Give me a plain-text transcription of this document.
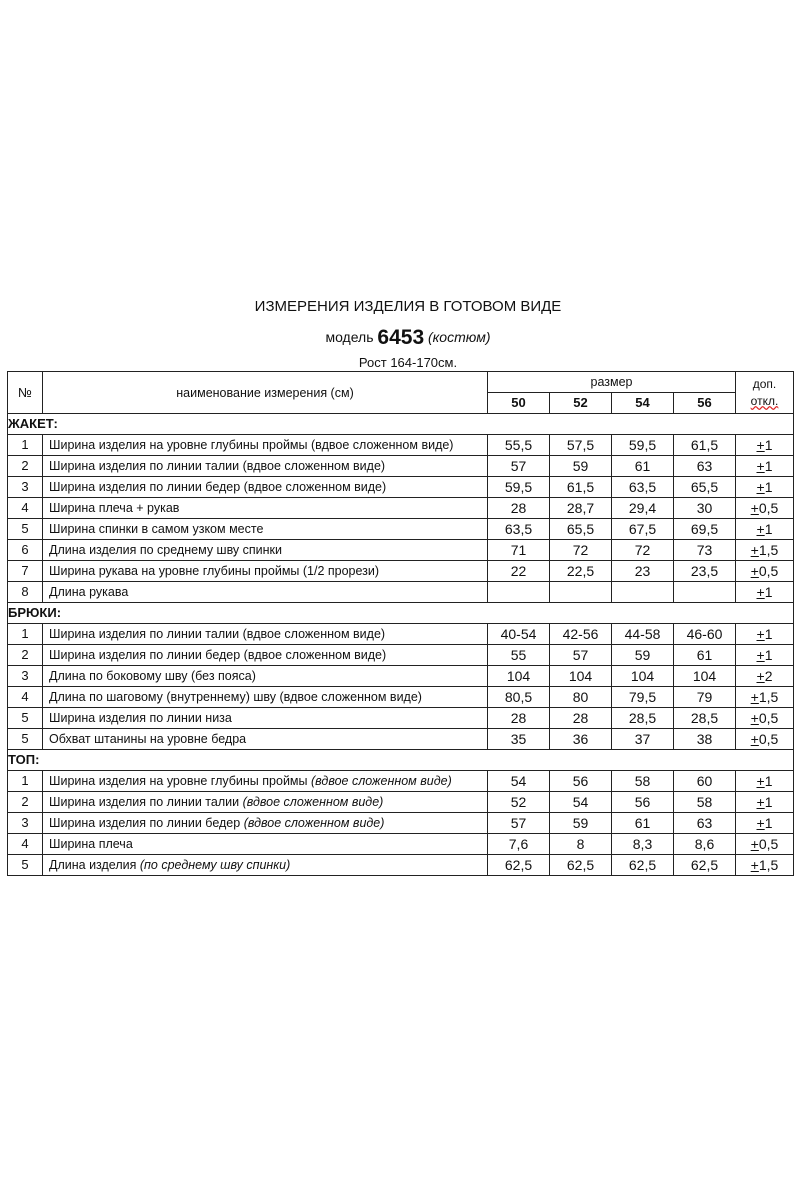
ИЗМЕРЕНИЯ ИЗДЕЛИЯ В ГОТОВОМ ВИДЕ
модель 6453 (костюм)
Рост 164-170см.
№	наименование измерения (см)	размер				доп.
откл.

		50	52	54	56	
ЖАКЕТ:						
1	Ширина изделия на уровне глубины проймы (вдвое сложенном виде)	55,5	57,5	59,5	61,5	+1
2	Ширина изделия по линии талии (вдвое сложенном виде)	57	59	61	63	+1
3	Ширина изделия по линии бедер (вдвое сложенном виде)	59,5	61,5	63,5	65,5	+1
4	Ширина плеча + рукав	28	28,7	29,4	30	+0,5
5	Ширина спинки в самом узком месте	63,5	65,5	67,5	69,5	+1
6	Длина изделия по среднему шву спинки	71	72	72	73	+1,5
7	Ширина рукава на уровне глубины проймы (1/2 прорези)	22	22,5	23	23,5	+0,5
8	Длина рукава					+1
БРЮКИ:						
1	Ширина изделия по линии талии (вдвое сложенном виде)	40-54	42-56	44-58	46-60	+1
2	Ширина изделия по линии бедер (вдвое сложенном виде)	55	57	59	61	+1
3	Длина по боковому шву (без пояса)	104	104	104	104	+2
4	Длина по шаговому (внутреннему) шву (вдвое сложенном виде)	80,5	80	79,5	79	+1,5
5	Ширина изделия по линии низа	28	28	28,5	28,5	+0,5
5	Обхват штанины на уровне бедра	35	36	37	38	+0,5
ТОП:						
1	Ширина изделия на уровне глубины проймы (вдвое сложенном виде)	54	56	58	60	+1
2	Ширина изделия по линии талии (вдвое сложенном виде)	52	54	56	58	+1
3	Ширина изделия по линии бедер (вдвое сложенном виде)	57	59	61	63	+1
4	Ширина плеча	7,6	8	8,3	8,6	+0,5
5	Длина изделия (по среднему шву спинки)	62,5	62,5	62,5	62,5	+1,5
